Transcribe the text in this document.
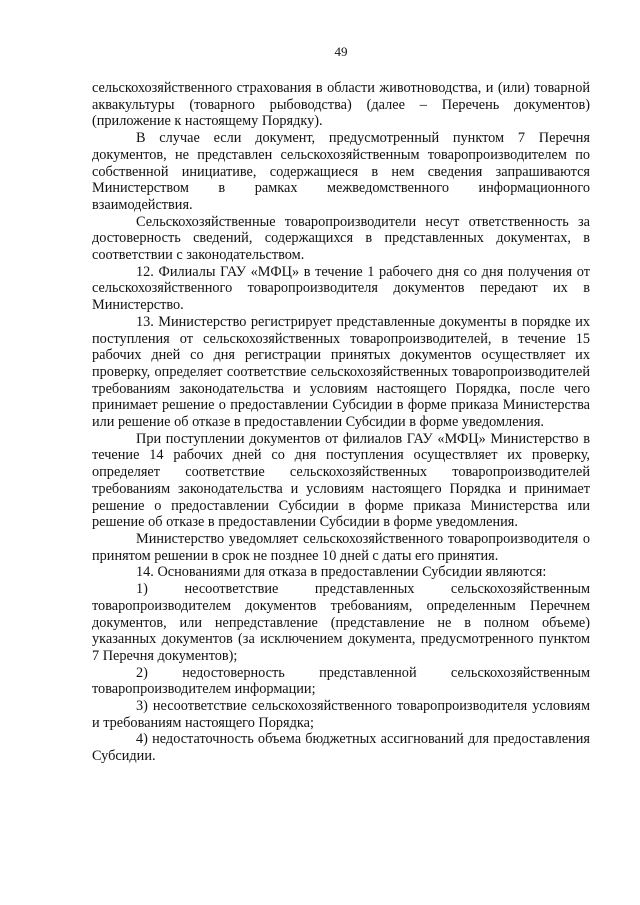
49

сельскохозяйственного страхования в области животноводства, и (или) товарной аквакультуры (товарного рыбоводства) (далее – Перечень документов) (приложение к настоящему Порядку).

В случае если документ, предусмотренный пунктом 7 Перечня документов, не представлен сельскохозяйственным товаропроизводителем по собственной инициативе, содержащиеся в нем сведения запрашиваются Министерством в рамках межведомственного информационного взаимодействия.

Сельскохозяйственные товаропроизводители несут ответственность за достоверность сведений, содержащихся в представленных документах, в соответствии с законодательством.

12. Филиалы ГАУ «МФЦ» в течение 1 рабочего дня со дня получения от сельскохозяйственного товаропроизводителя документов передают их в Министерство.

13. Министерство регистрирует представленные документы в порядке их поступления от сельскохозяйственных товаропроизводителей, в течение 15 рабочих дней со дня регистрации принятых документов осуществляет их проверку, определяет соответствие сельскохозяйственных товаропроизводителей требованиям законодательства и условиям настоящего Порядка, после чего принимает решение о предоставлении Субсидии в форме приказа Министерства или решение об отказе в предоставлении Субсидии в форме уведомления.

При поступлении документов от филиалов ГАУ «МФЦ» Министерство в течение 14 рабочих дней со дня поступления осуществляет их проверку, определяет соответствие сельскохозяйственных товаропроизводителей требованиям законодательства и условиям настоящего Порядка и принимает решение о предоставлении Субсидии в форме приказа Министерства или решение об отказе в предоставлении Субсидии в форме уведомления.

Министерство уведомляет сельскохозяйственного товаропроизводителя о принятом решении в срок не позднее 10 дней с даты его принятия.

14. Основаниями для отказа в предоставлении Субсидии являются:

1) несоответствие представленных сельскохозяйственным товаропроизводителем документов требованиям, определенным Перечнем документов, или непредставление (представление не в полном объеме) указанных документов (за исключением документа, предусмотренного пунктом 7 Перечня документов);

2) недостоверность представленной сельскохозяйственным товаропроизводителем информации;

3) несоответствие сельскохозяйственного товаропроизводителя условиям и требованиям настоящего Порядка;

4) недостаточность объема бюджетных ассигнований для предоставления Субсидии.
